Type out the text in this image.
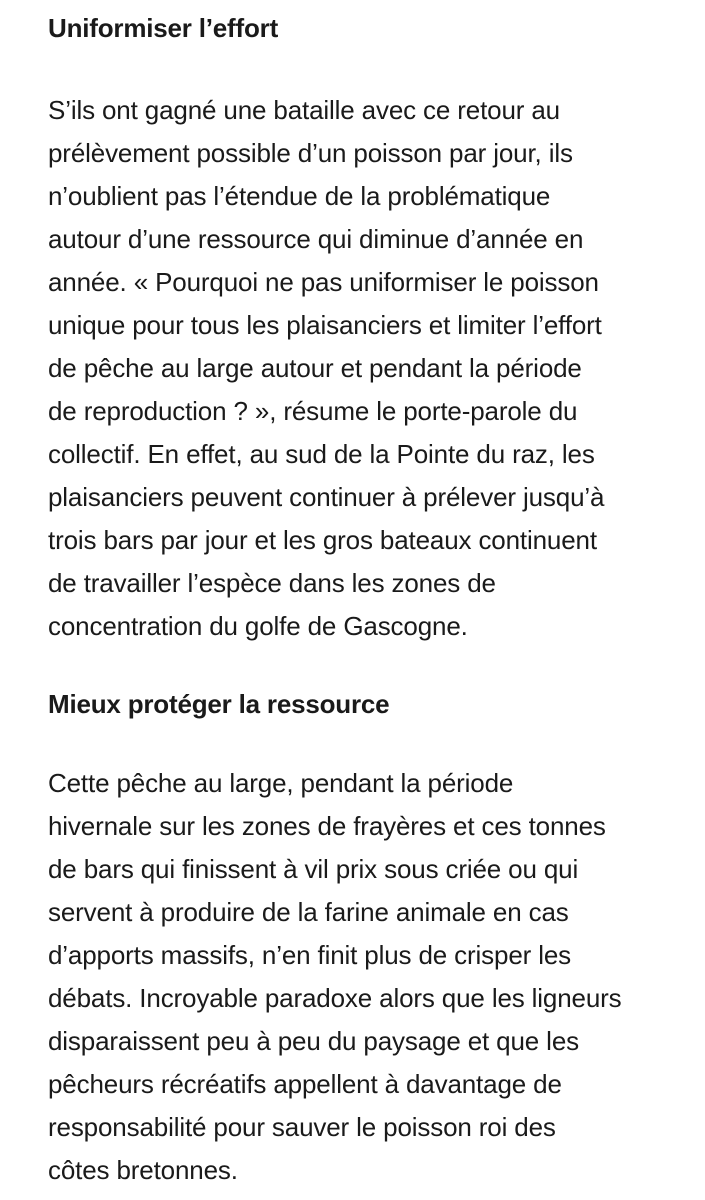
Uniformiser l’effort

S’ils ont gagné une bataille avec ce retour au
prélèvement possible d’un poisson par jour, ils
n’oublient pas l’étendue de la problématique
autour d’une ressource qui diminue d’année en
année. « Pourquoi ne pas uniformiser le poisson
unique pour tous les plaisanciers et limiter l’effort
de pêche au large autour et pendant la période
de reproduction ? », résume le porte-parole du
collectif. En effet, au sud de la Pointe du raz, les
plaisanciers peuvent continuer à prélever jusqu’à
trois bars par jour et les gros bateaux continuent
de travailler l’espèce dans les zones de
concentration du golfe de Gascogne.

Mieux protéger la ressource

Cette pêche au large, pendant la période
hivernale sur les zones de frayères et ces tonnes
de bars qui finissent à vil prix sous criée ou qui
servent à produire de la farine animale en cas
d’apports massifs, n’en finit plus de crisper les
débats. Incroyable paradoxe alors que les ligneurs
disparaissent peu à peu du paysage et que les
pêcheurs récréatifs appellent à davantage de
responsabilité pour sauver le poisson roi des
côtes bretonnes.
